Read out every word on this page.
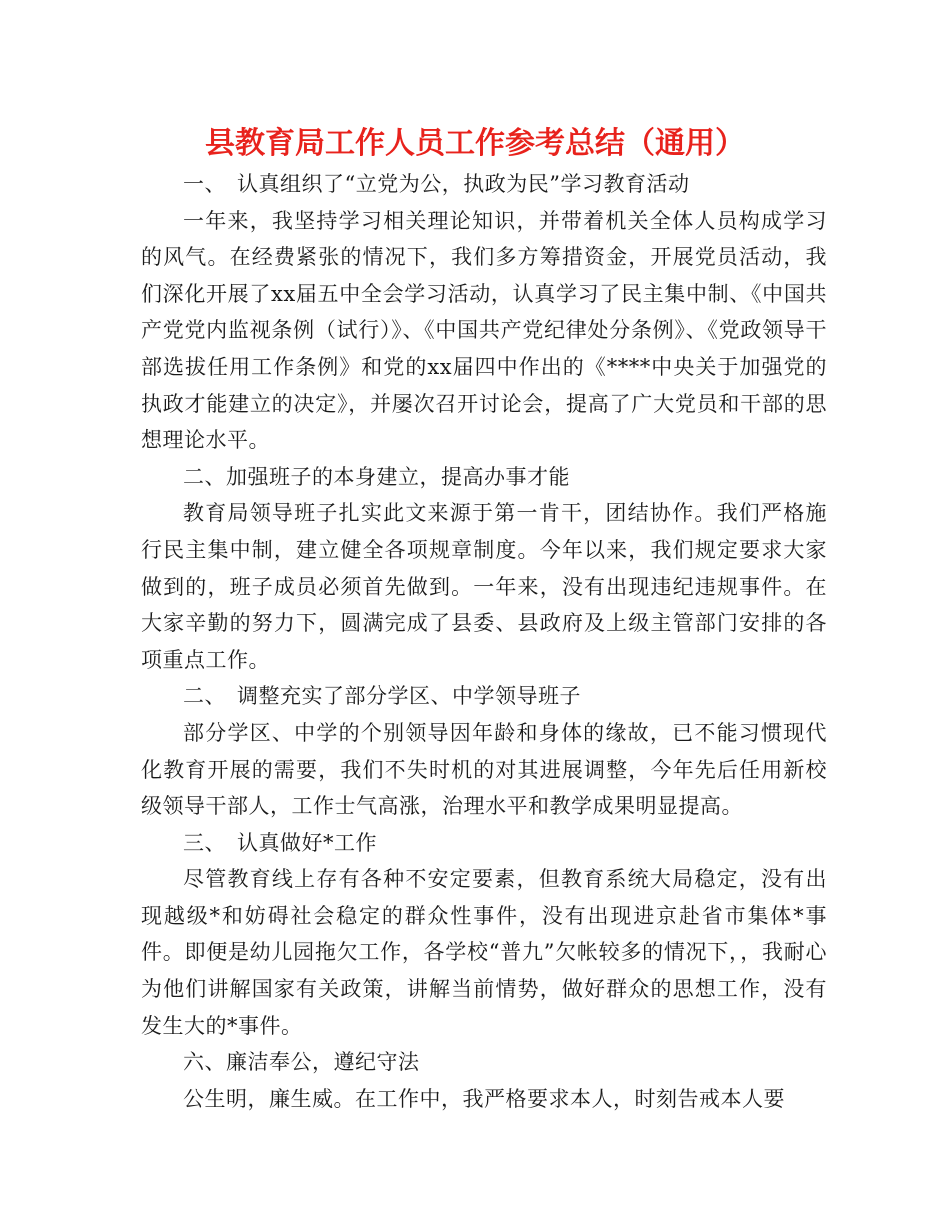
县教育局工作人员工作参考总结（通用）

一、　认真组织了“立党为公，执政为民”学习教育活动

一年来，我坚持学习相关理论知识，并带着机关全体人员构成学习的风气。在经费紧张的情况下，我们多方筹措资金，开展党员活动，我们深化开展了xx届五中全会学习活动，认真学习了民主集中制、《中国共产党党内监视条例（试行）》、《中国共产党纪律处分条例》、《党政领导干部选拔任用工作条例》和党的xx届四中作出的《****中央关于加强党的执政才能建立的决定》，并屡次召开讨论会，提高了广大党员和干部的思想理论水平。

二、加强班子的本身建立，提高办事才能

教育局领导班子扎实此文来源于第一肯干，团结协作。我们严格施行民主集中制，建立健全各项规章制度。今年以来，我们规定要求大家做到的，班子成员必须首先做到。一年来，没有出现违纪违规事件。在大家辛勤的努力下，圆满完成了县委、县政府及上级主管部门安排的各项重点工作。

二、　调整充实了部分学区、中学领导班子

部分学区、中学的个别领导因年龄和身体的缘故，已不能习惯现代化教育开展的需要，我们不失时机的对其进展调整，今年先后任用新校级领导干部人，工作士气高涨，治理水平和教学成果明显提高。

三、　认真做好*工作

尽管教育线上存有各种不安定要素，但教育系统大局稳定，没有出现越级*和妨碍社会稳定的群众性事件，没有出现进京赴省市集体*事件。即便是幼儿园拖欠工作，各学校“普九”欠帐较多的情况下，，我耐心为他们讲解国家有关政策，讲解当前情势，做好群众的思想工作，没有发生大的*事件。

六、廉洁奉公，遵纪守法

公生明，廉生威。在工作中，我严格要求本人，时刻告戒本人要
